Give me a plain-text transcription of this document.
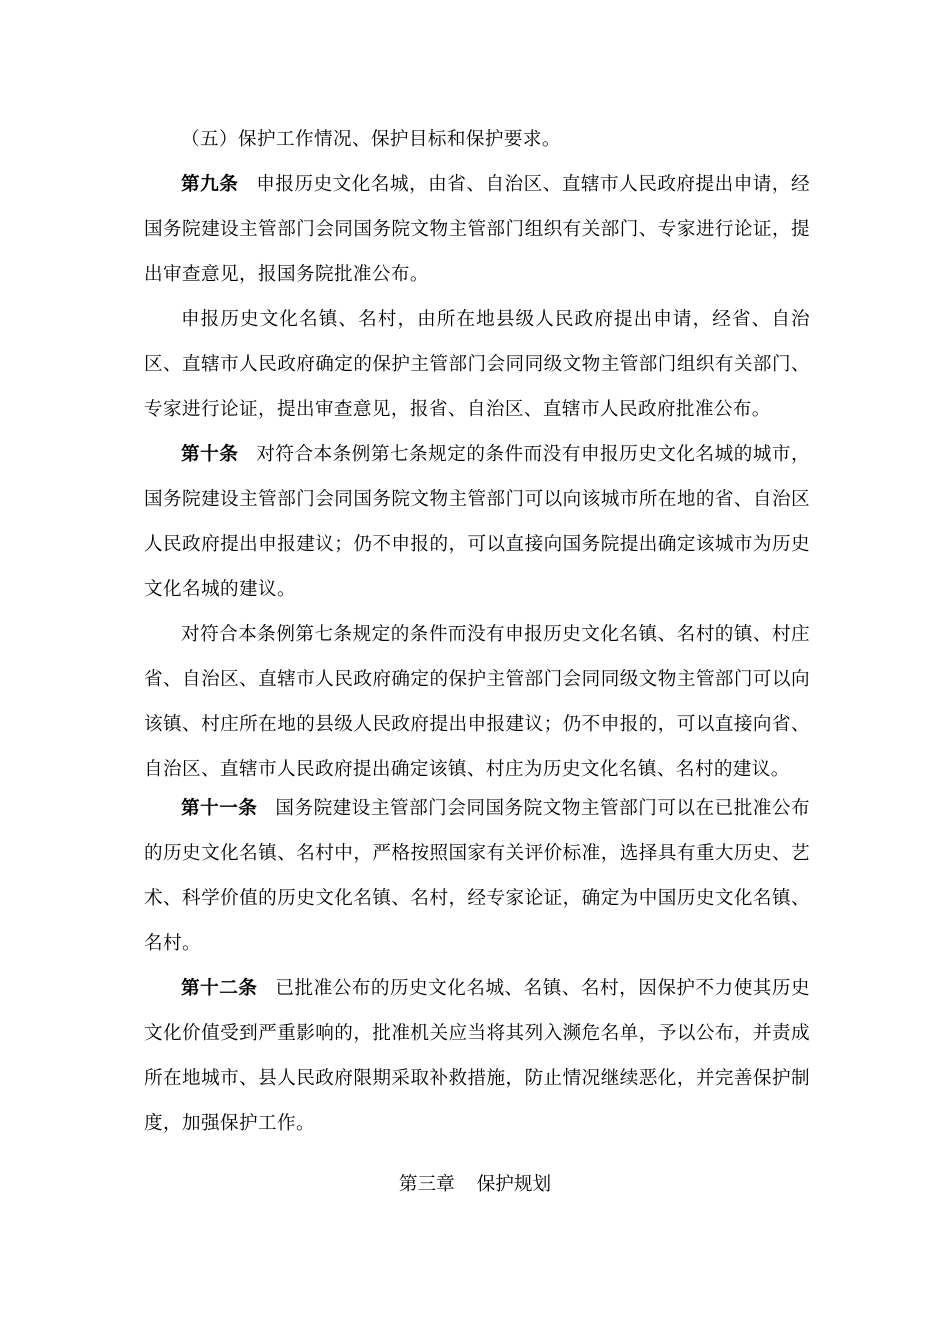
（五）保护工作情况、保护目标和保护要求。

第九条 申报历史文化名城，由省、自治区、直辖市人民政府提出申请，经国务院建设主管部门会同国务院文物主管部门组织有关部门、专家进行论证，提出审查意见，报国务院批准公布。

申报历史文化名镇、名村，由所在地县级人民政府提出申请，经省、自治区、直辖市人民政府确定的保护主管部门会同同级文物主管部门组织有关部门、专家进行论证，提出审查意见，报省、自治区、直辖市人民政府批准公布。

第十条 对符合本条例第七条规定的条件而没有申报历史文化名城的城市，国务院建设主管部门会同国务院文物主管部门可以向该城市所在地的省、自治区人民政府提出申报建议；仍不申报的，可以直接向国务院提出确定该城市为历史文化名城的建议。

对符合本条例第七条规定的条件而没有申报历史文化名镇、名村的镇、村庄省、自治区、直辖市人民政府确定的保护主管部门会同同级文物主管部门可以向该镇、村庄所在地的县级人民政府提出申报建议；仍不申报的，可以直接向省、自治区、直辖市人民政府提出确定该镇、村庄为历史文化名镇、名村的建议。

第十一条 国务院建设主管部门会同国务院文物主管部门可以在已批准公布的历史文化名镇、名村中，严格按照国家有关评价标准，选择具有重大历史、艺术、科学价值的历史文化名镇、名村，经专家论证，确定为中国历史文化名镇、名村。

第十二条 已批准公布的历史文化名城、名镇、名村，因保护不力使其历史文化价值受到严重影响的，批准机关应当将其列入濒危名单，予以公布，并责成所在地城市、县人民政府限期采取补救措施，防止情况继续恶化，并完善保护制度，加强保护工作。

第三章 保护规划
